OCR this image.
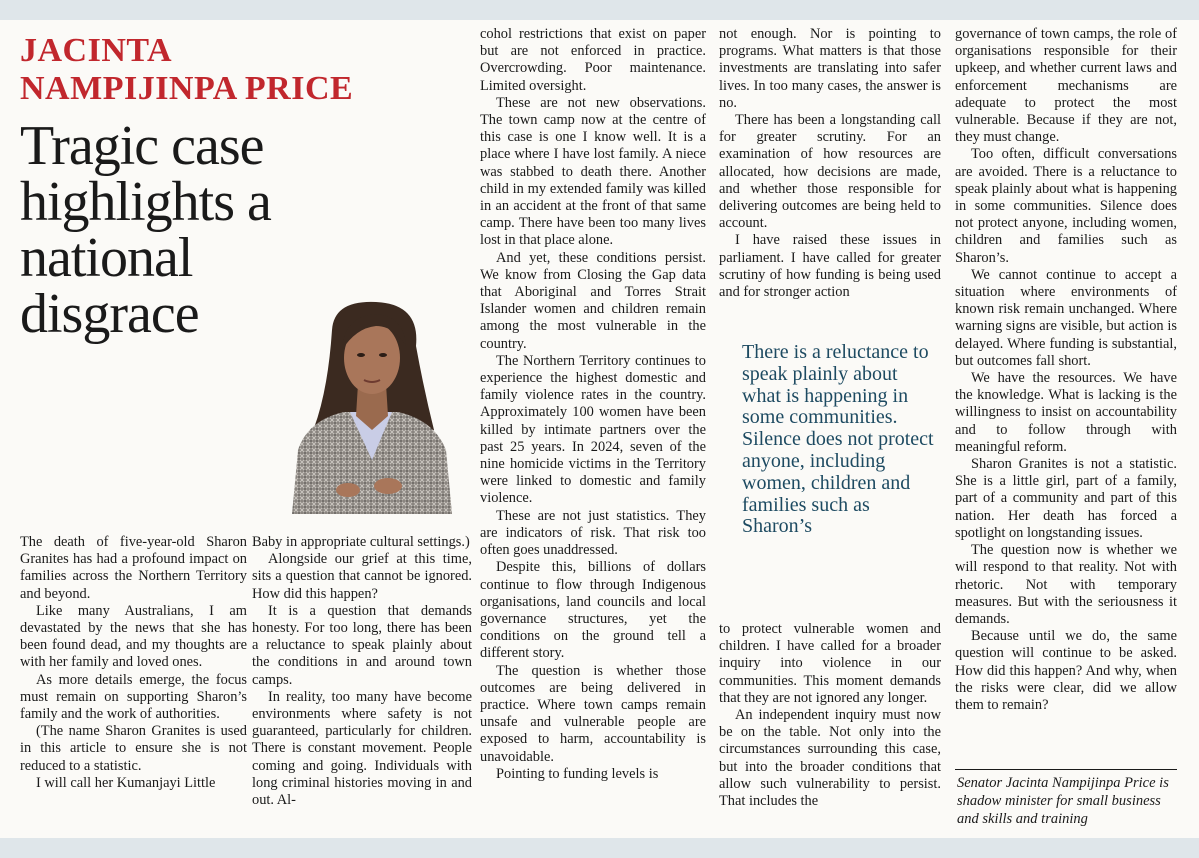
JACINTA
NAMPIJINPA PRICE
Tragic case
highlights a
national
disgrace

The death of five-year-old Sharon Granites has had a profound impact on families across the Northern Territory and beyond.

Like many Australians, I am devastated by the news that she has been found dead, and my thoughts are with her family and loved ones.

As more details emerge, the focus must remain on supporting Sharon’s family and the work of authorities.

(The name Sharon Granites is used in this article to ensure she is not reduced to a statistic.

I will call her Kumanjayi Little

Baby in appropriate cultural settings.)

Alongside our grief at this time, sits a question that cannot be ignored. How did this happen?

It is a question that demands honesty. For too long, there has been a reluctance to speak plainly about the conditions in and around town camps.

In reality, too many have become environments where safety is not guaranteed, particularly for children. There is constant movement. People coming and going. Individuals with long criminal histories moving in and out. Al-

cohol restrictions that exist on paper but are not enforced in practice. Overcrowding. Poor maintenance. Limited oversight.

These are not new observations. The town camp now at the centre of this case is one I know well. It is a place where I have lost family. A niece was stabbed to death there. Another child in my extended family was killed in an accident at the front of that same camp. There have been too many lives lost in that place alone.

And yet, these conditions persist. We know from Closing the Gap data that Aboriginal and Torres Strait Islander women and children remain among the most vulnerable in the country.

The Northern Territory continues to experience the highest domestic and family violence rates in the country. Approximately 100 women have been killed by intimate partners over the past 25 years. In 2024, seven of the nine homicide victims in the Territory were linked to domestic and family violence.

These are not just statistics. They are indicators of risk. That risk too often goes unaddressed.

Despite this, billions of dollars continue to flow through Indigenous organisations, land councils and local governance structures, yet the conditions on the ground tell a different story.

The question is whether those outcomes are being delivered in practice. Where town camps remain unsafe and vulnerable people are exposed to harm, accountability is unavoidable.

Pointing to funding levels is

not enough. Nor is pointing to programs. What matters is that those investments are translating into safer lives. In too many cases, the answer is no.

There has been a longstanding call for greater scrutiny. For an examination of how resources are allocated, how decisions are made, and whether those responsible for delivering outcomes are being held to account.

I have raised these issues in parliament. I have called for greater scrutiny of how funding is being used and for stronger action

There is a reluctance to speak plainly about what is happening in some communities. Silence does not protect anyone, including women, children and families such as Sharon’s

to protect vulnerable women and children. I have called for a broader inquiry into violence in our communities. This moment demands that they are not ignored any longer.

An independent inquiry must now be on the table. Not only into the circumstances surrounding this case, but into the broader conditions that allow such vulnerability to persist. That includes the

governance of town camps, the role of organisations responsible for their upkeep, and whether current laws and enforcement mechanisms are adequate to protect the most vulnerable. Because if they are not, they must change.

Too often, difficult conversations are avoided. There is a reluctance to speak plainly about what is happening in some communities. Silence does not protect anyone, including women, children and families such as Sharon’s.

We cannot continue to accept a situation where environments of known risk remain unchanged. Where warning signs are visible, but action is delayed. Where funding is substantial, but outcomes fall short.

We have the resources. We have the knowledge. What is lacking is the willingness to insist on accountability and to follow through with meaningful reform.

Sharon Granites is not a statistic. She is a little girl, part of a family, part of a community and part of this nation. Her death has forced a spotlight on longstanding issues.

The question now is whether we will respond to that reality. Not with rhetoric. Not with temporary measures. But with the seriousness it demands.

Because until we do, the same question will continue to be asked. How did this happen? And why, when the risks were clear, did we allow them to remain?

Senator Jacinta Nampijinpa Price is shadow minister for small business and skills and training
